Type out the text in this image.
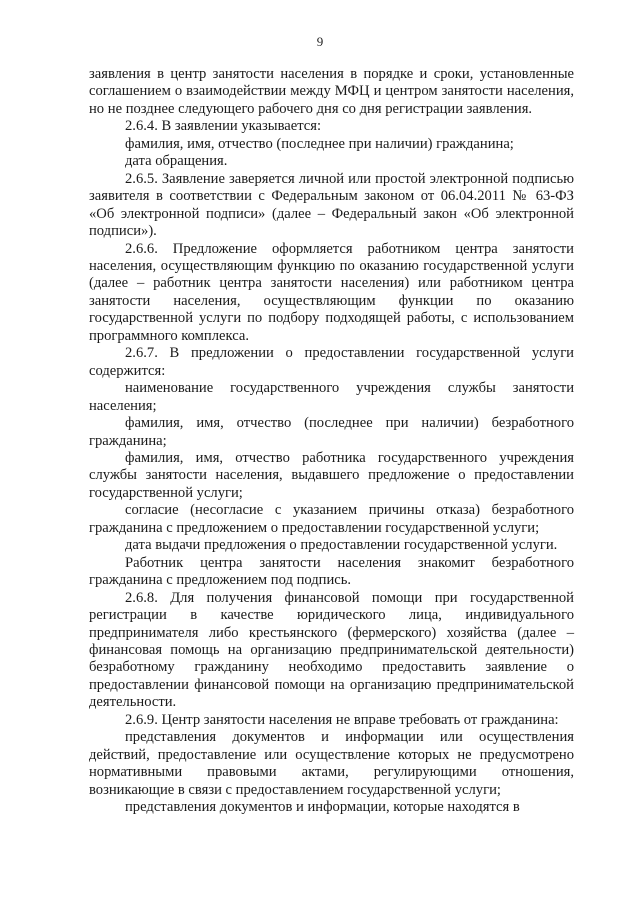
9

заявления в центр занятости населения в порядке и сроки, установленные соглашением о взаимодействии между МФЦ и центром занятости населения, но не позднее следующего рабочего дня со дня регистрации заявления.

2.6.4. В заявлении указывается:

фамилия, имя, отчество (последнее при наличии) гражданина;

дата обращения.

2.6.5. Заявление заверяется личной или простой электронной подписью заявителя в соответствии с Федеральным законом от 06.04.2011 № 63-ФЗ «Об электронной подписи» (далее – Федеральный закон «Об электронной подписи»).

2.6.6. Предложение оформляется работником центра занятости населения, осуществляющим функцию по оказанию государственной услуги (далее – работник центра занятости населения) или работником центра занятости населения, осуществляющим функции по оказанию государственной услуги по подбору подходящей работы, с использованием программного комплекса.

2.6.7. В предложении о предоставлении государственной услуги содержится:

наименование государственного учреждения службы занятости населения;

фамилия, имя, отчество (последнее при наличии) безработного гражданина;

фамилия, имя, отчество работника государственного учреждения службы занятости населения, выдавшего предложение о предоставлении государственной услуги;

согласие (несогласие с указанием причины отказа) безработного гражданина с предложением о предоставлении государственной услуги;

дата выдачи предложения о предоставлении государственной услуги.

Работник центра занятости населения знакомит безработного гражданина с предложением под подпись.

2.6.8. Для получения финансовой помощи при государственной регистрации в качестве юридического лица, индивидуального предпринимателя либо крестьянского (фермерского) хозяйства (далее – финансовая помощь на организацию предпринимательской деятельности) безработному гражданину необходимо предоставить заявление о предоставлении финансовой помощи на организацию предпринимательской деятельности.

2.6.9. Центр занятости населения не вправе требовать от гражданина:

представления документов и информации или осуществления действий, предоставление или осуществление которых не предусмотрено нормативными правовыми актами, регулирующими отношения, возникающие в связи с предоставлением государственной услуги;

представления документов и информации, которые находятся в
